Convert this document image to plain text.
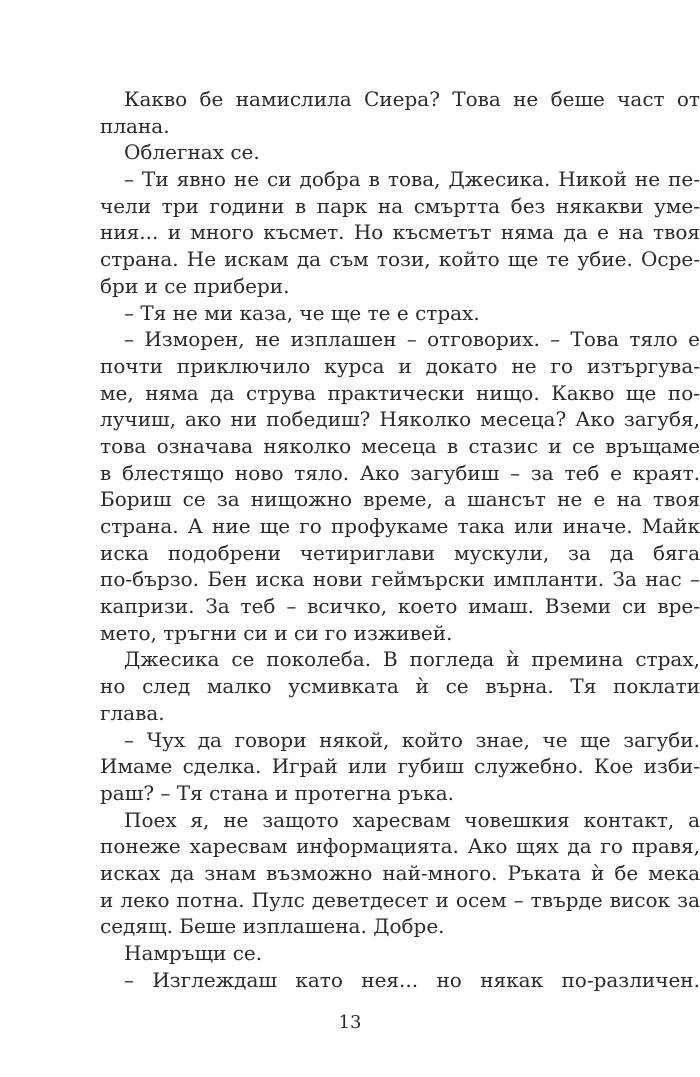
Какво бе намислила Сиера? Това не беше част от
плана.
Облегнах се.
– Ти явно не си добра в това, Джесика. Никой не пе-
чели три години в парк на смъртта без някакви уме-
ния... и много късмет. Но късметът няма да е на твоя
страна. Не искам да съм този, който ще те убие. Осре-
бри и се прибери.
– Тя не ми каза, че ще те е страх.
– Изморен, не изплашен – отговорих. – Това тяло е
почти приключило курса и докато не го изтъргува-
ме, няма да струва практически нищо. Какво ще по-
лучиш, ако ни победиш? Няколко месеца? Ако загубя,
това означава няколко месеца в стазис и се връщаме
в блестящо ново тяло. Ако загубиш – за теб е краят.
Бориш се за нищожно време, а шансът не е на твоя
страна. А ние ще го профукаме така или иначе. Майк
иска подобрени четириглави мускули, за да бяга
по-бързо. Бен иска нови геймърски импланти. За нас –
капризи. За теб – всичко, което имаш. Вземи си вре-
мето, тръгни си и си го изживей.
Джесика се поколеба. В погледа ѝ премина страх,
но след малко усмивката ѝ се върна. Тя поклати
глава.
– Чух да говори някой, който знае, че ще загуби.
Имаме сделка. Играй или губиш служебно. Кое изби-
раш? – Тя стана и протегна ръка.
Поех я, не защото харесвам човешкия контакт, а
понеже харесвам информацията. Ако щях да го правя,
исках да знам възможно най-много. Ръката ѝ бе мека
и леко потна. Пулс деветдесет и осем – твърде висок за
седящ. Беше изплашена. Добре.
Намръщи се.
– Изглеждаш като нея... но някак по-различен.
13
